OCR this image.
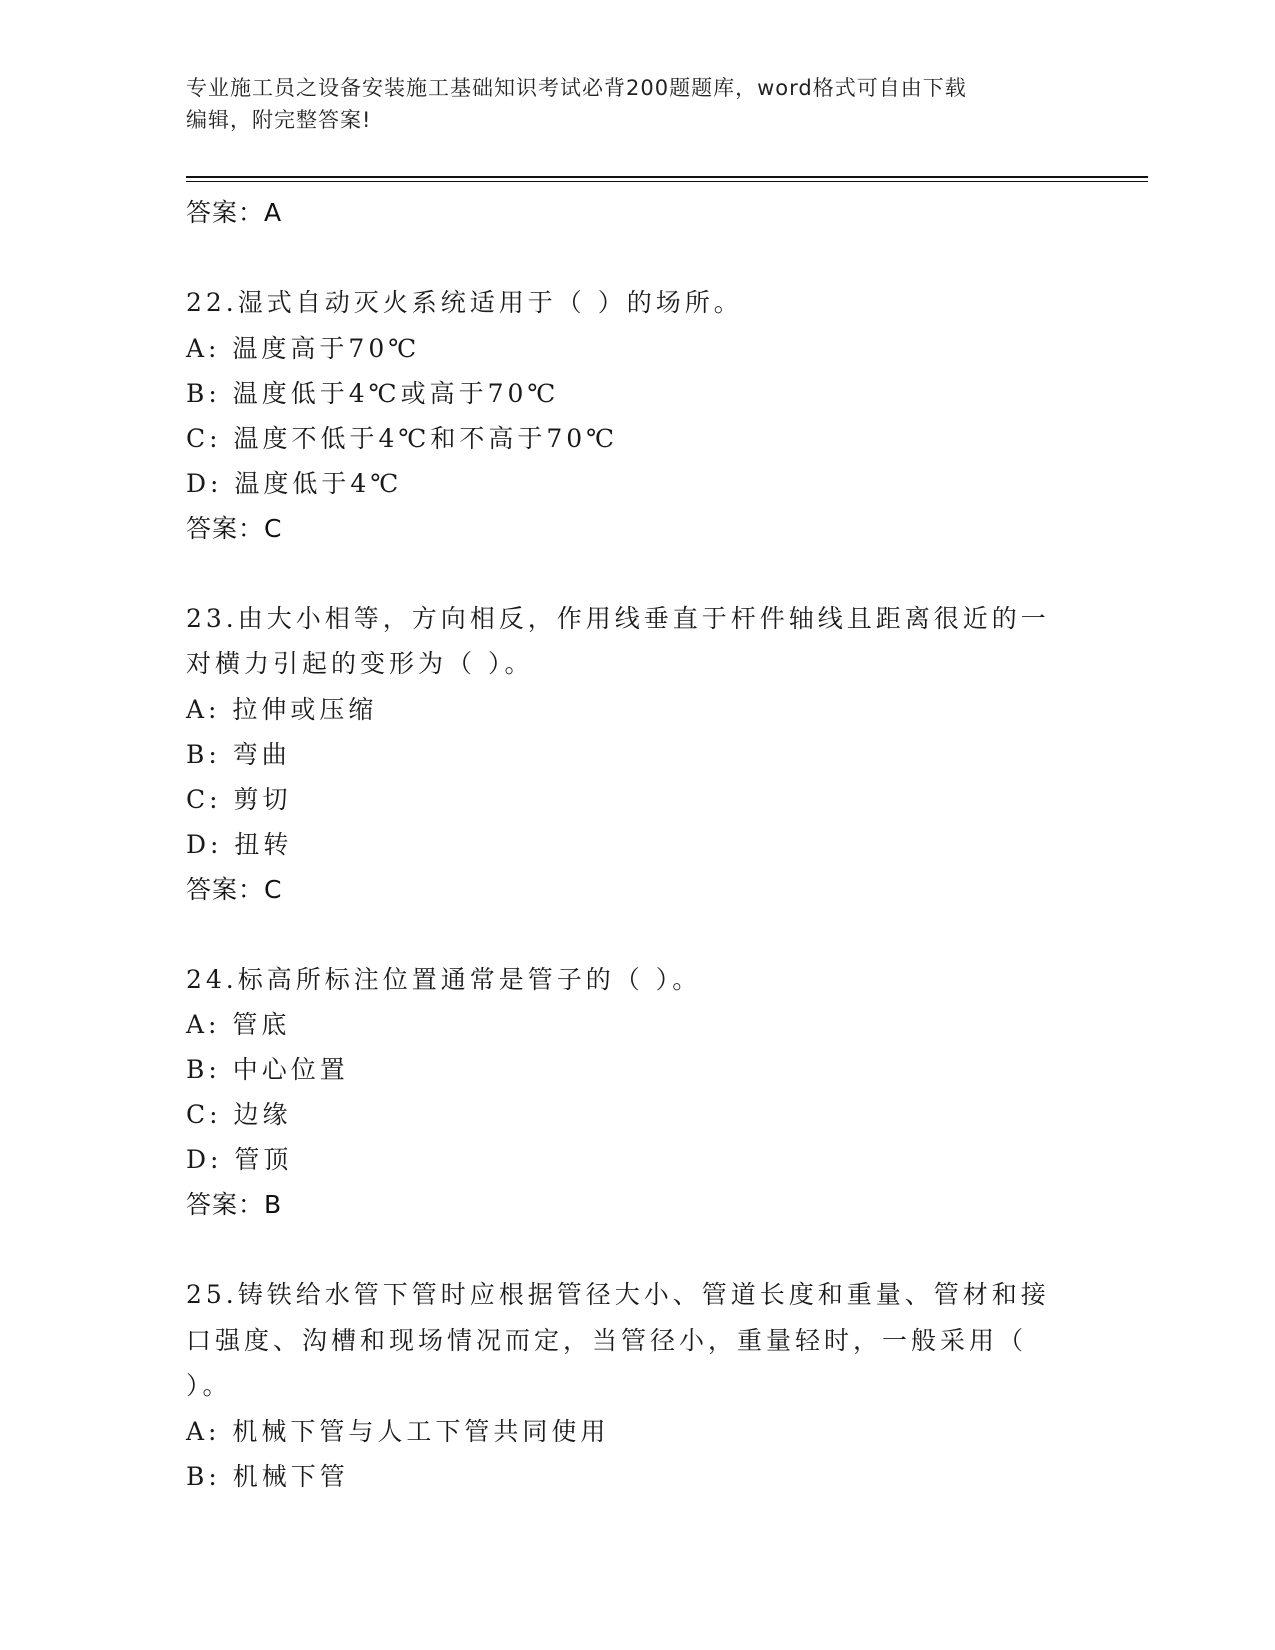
专业施工员之设备安装施工基础知识考试必背200题题库，word格式可自由下载
编辑，附完整答案!
答案：A
22.湿式自动灭火系统适用于（ ）的场所。
A: 温度高于70℃
B: 温度低于4℃或高于70℃
C: 温度不低于4℃和不高于70℃
D: 温度低于4℃
答案：C
23.由大小相等，方向相反，作用线垂直于杆件轴线且距离很近的一对横力引起的变形为（ ）。
A: 拉伸或压缩
B: 弯曲
C: 剪切
D: 扭转
答案：C
24.标高所标注位置通常是管子的（ ）。
A: 管底
B: 中心位置
C: 边缘
D: 管顶
答案：B
25.铸铁给水管下管时应根据管径大小、管道长度和重量、管材和接口强度、沟槽和现场情况而定，当管径小，重量轻时，一般采用（ ）。
A: 机械下管与人工下管共同使用
B: 机械下管
